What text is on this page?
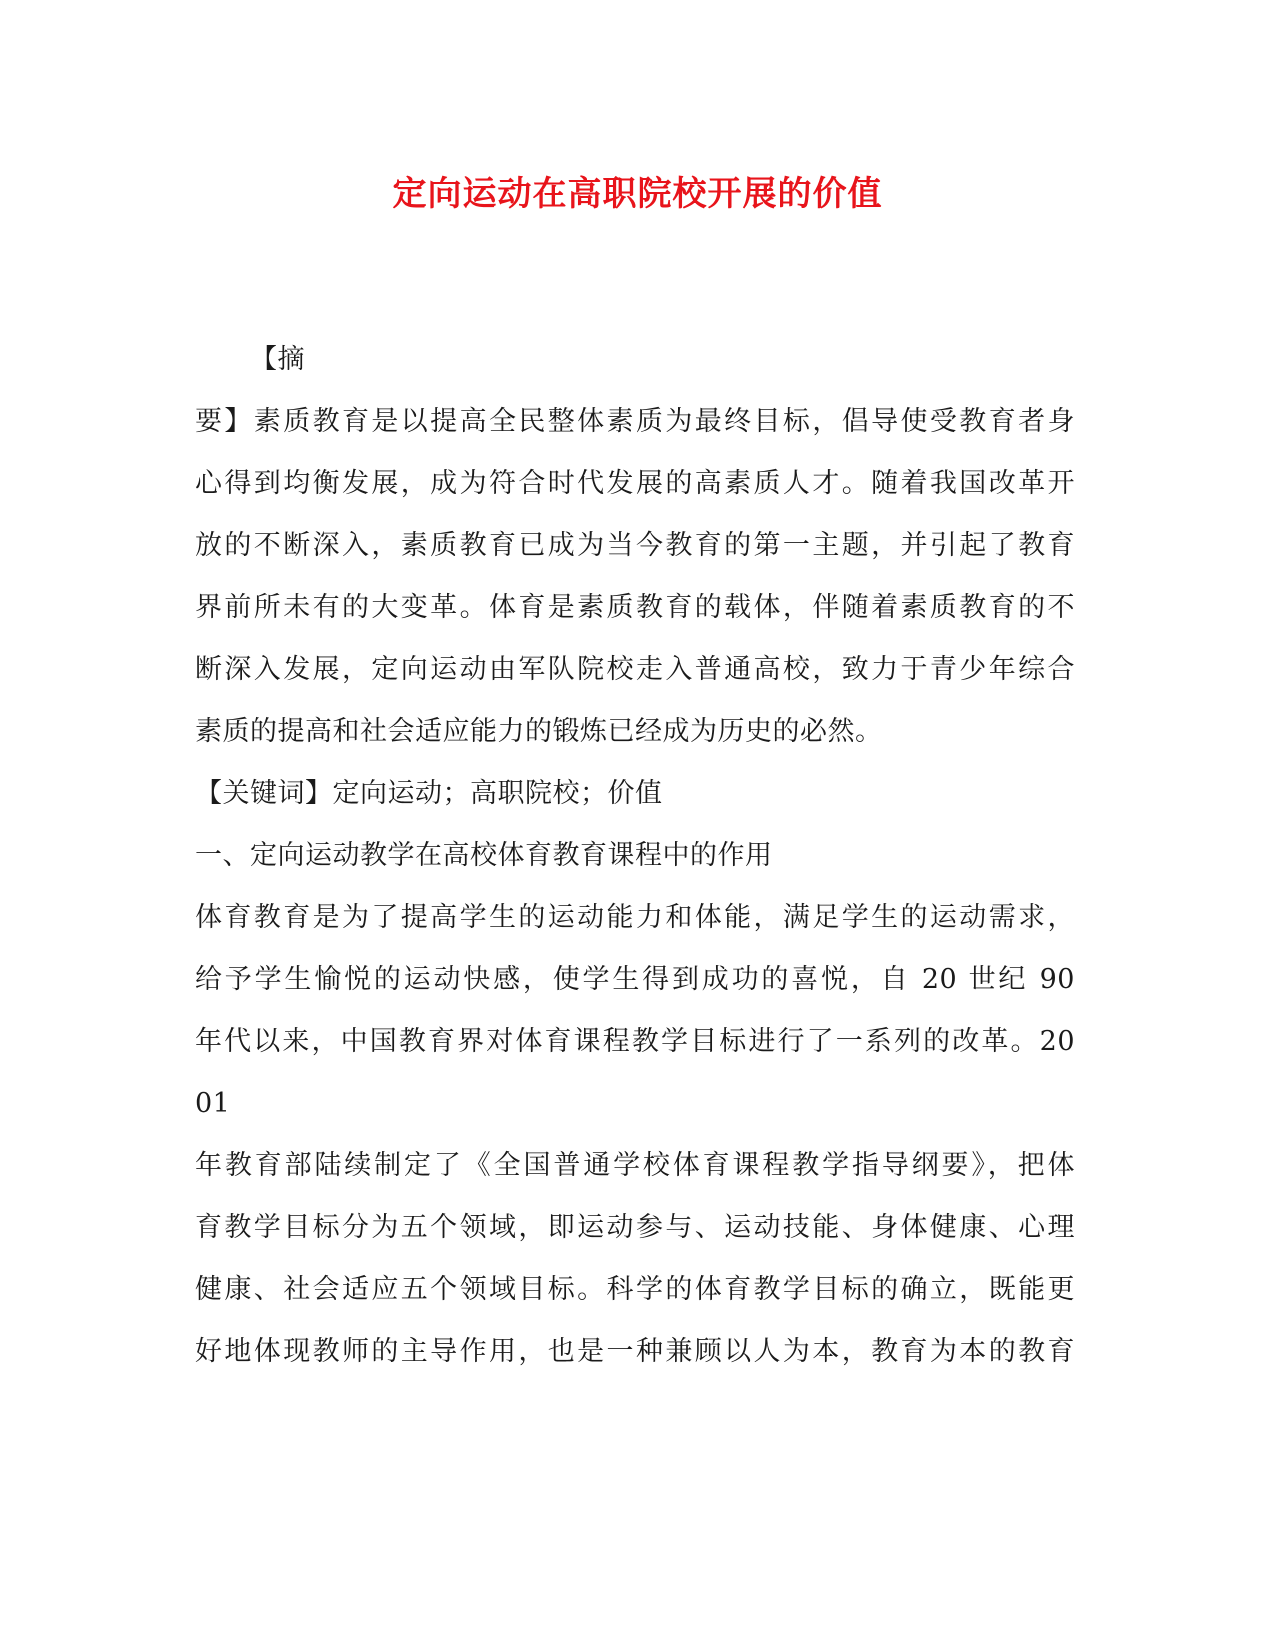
定向运动在高职院校开展的价值
【摘
要】素质教育是以提高全民整体素质为最终目标，倡导使受教育者身
心得到均衡发展，成为符合时代发展的高素质人才。随着我国改革开
放的不断深入，素质教育已成为当今教育的第一主题，并引起了教育
界前所未有的大变革。体育是素质教育的载体，伴随着素质教育的不
断深入发展，定向运动由军队院校走入普通高校，致力于青少年综合
素质的提高和社会适应能力的锻炼已经成为历史的必然。
【关键词】定向运动；高职院校；价值
一、定向运动教学在高校体育教育课程中的作用
体育教育是为了提高学生的运动能力和体能，满足学生的运动需求，
给予学生愉悦的运动快感，使学生得到成功的喜悦，自 20 世纪 90
年代以来，中国教育界对体育课程教学目标进行了一系列的改革。20
01
年教育部陆续制定了《全国普通学校体育课程教学指导纲要》，把体
育教学目标分为五个领域，即运动参与、运动技能、身体健康、心理
健康、社会适应五个领域目标。科学的体育教学目标的确立，既能更
好地体现教师的主导作用，也是一种兼顾以人为本，教育为本的教育
